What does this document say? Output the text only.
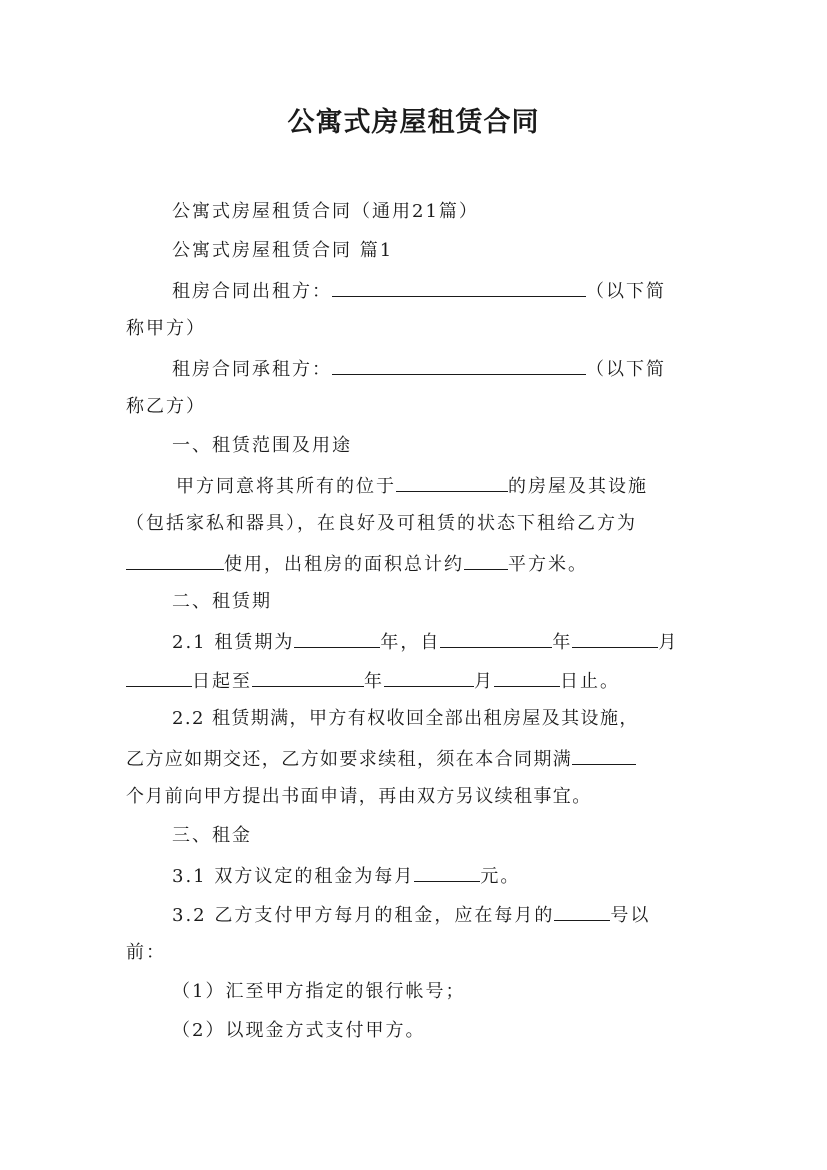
公寓式房屋租赁合同
公寓式房屋租赁合同（通用21篇）
公寓式房屋租赁合同 篇1
租房合同出租方：	（以下简
称甲方）
租房合同承租方：	（以下简
称乙方）
一、租赁范围及用途
甲方同意将其所有的位于	的房屋及其设施
（包括家私和器具），在良好及可租赁的状态下租给乙方为
使用，出租房的面积总计约 平方米。
二、租赁期
2.1 租赁期为	年，自	年	月
日起至	年	月	日止。
2.2 租赁期满，甲方有权收回全部出租房屋及其设施，
乙方应如期交还，乙方如要求续租，须在本合同期满
个月前向甲方提出书面申请，再由双方另议续租事宜。
三、租金
3.1 双方议定的租金为每月	元。
3.2 乙方支付甲方每月的租金，应在每月的	号以
前：
（1）汇至甲方指定的银行帐号；
（2）以现金方式支付甲方。
